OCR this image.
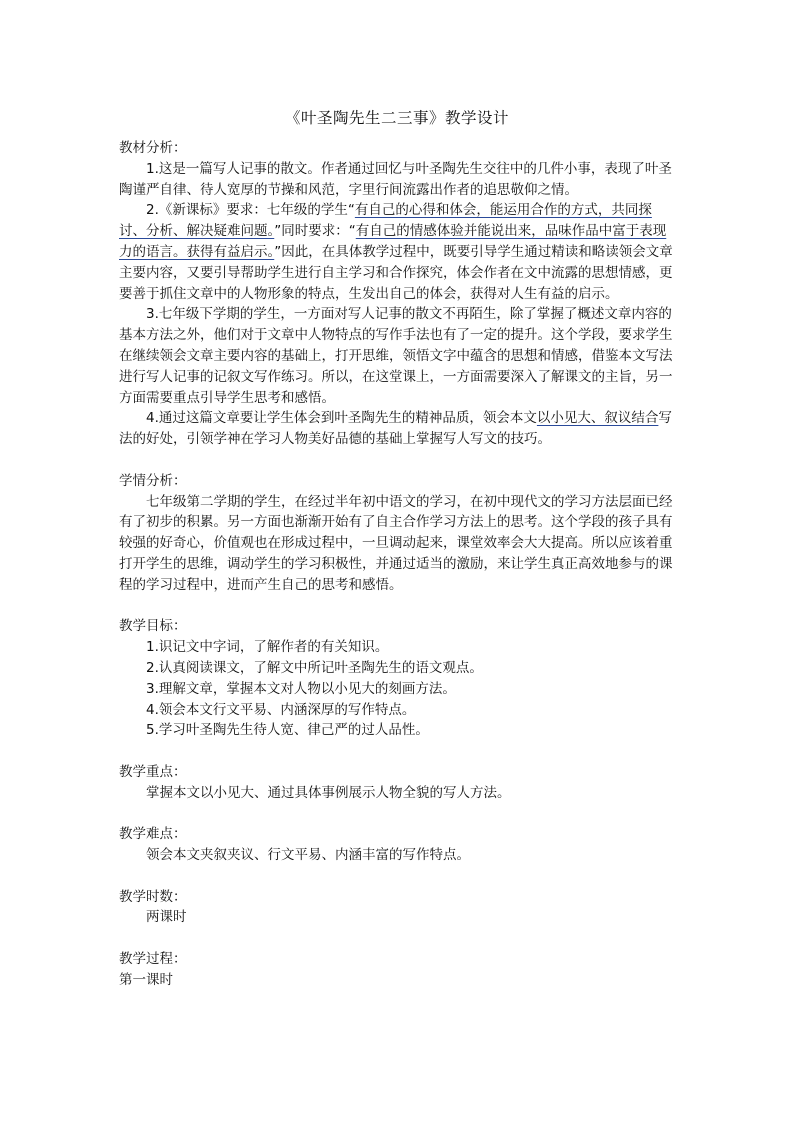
《叶圣陶先生二三事》教学设计

教材分析：

1.这是一篇写人记事的散文。作者通过回忆与叶圣陶先生交往中的几件小事，表现了叶圣陶谨严自律、待人宽厚的节操和风范，字里行间流露出作者的追思敬仰之情。

2.《新课标》要求：七年级的学生“有自己的心得和体会，能运用合作的方式，共同探讨、分析、解决疑难问题。”同时要求：“有自己的情感体验并能说出来，品味作品中富于表现力的语言。获得有益启示。”因此，在具体教学过程中，既要引导学生通过精读和略读领会文章主要内容，又要引导帮助学生进行自主学习和合作探究，体会作者在文中流露的思想情感，更要善于抓住文章中的人物形象的特点，生发出自己的体会，获得对人生有益的启示。

3.七年级下学期的学生，一方面对写人记事的散文不再陌生，除了掌握了概述文章内容的基本方法之外，他们对于文章中人物特点的写作手法也有了一定的提升。这个学段，要求学生在继续领会文章主要内容的基础上，打开思维，领悟文字中蕴含的思想和情感，借鉴本文写法进行写人记事的记叙文写作练习。所以，在这堂课上，一方面需要深入了解课文的主旨，另一方面需要重点引导学生思考和感悟。

4.通过这篇文章要让学生体会到叶圣陶先生的精神品质，领会本文以小见大、叙议结合写法的好处，引领学神在学习人物美好品德的基础上掌握写人写文的技巧。

学情分析：

七年级第二学期的学生，在经过半年初中语文的学习，在初中现代文的学习方法层面已经有了初步的积累。另一方面也渐渐开始有了自主合作学习方法上的思考。这个学段的孩子具有较强的好奇心，价值观也在形成过程中，一旦调动起来，课堂效率会大大提高。所以应该着重打开学生的思维，调动学生的学习积极性，并通过适当的激励，来让学生真正高效地参与的课程的学习过程中，进而产生自己的思考和感悟。

教学目标：

1.识记文中字词，了解作者的有关知识。

2.认真阅读课文，了解文中所记叶圣陶先生的语文观点。

3.理解文章，掌握本文对人物以小见大的刻画方法。

4.领会本文行文平易、内涵深厚的写作特点。

5.学习叶圣陶先生待人宽、律己严的过人品性。

教学重点：

掌握本文以小见大、通过具体事例展示人物全貌的写人方法。

教学难点：

领会本文夹叙夹议、行文平易、内涵丰富的写作特点。

教学时数：

两课时

教学过程：

第一课时
